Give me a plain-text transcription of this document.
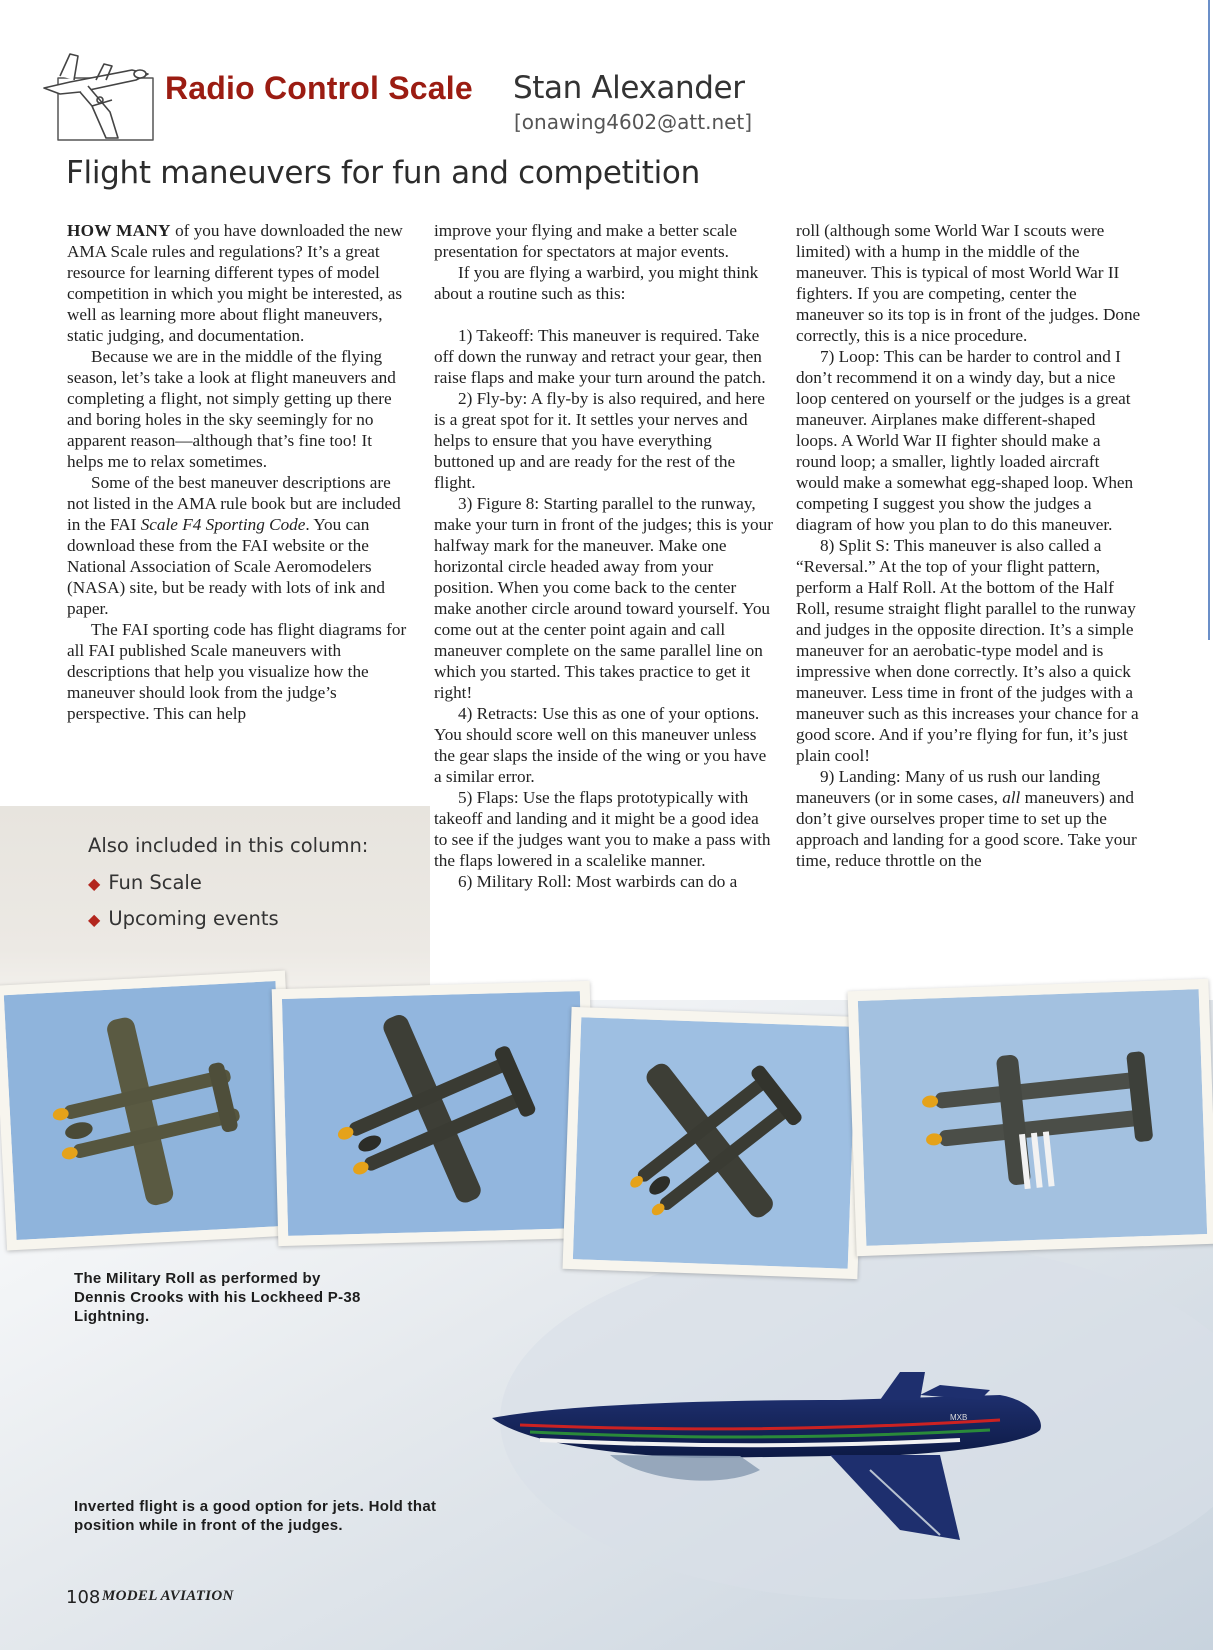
Radio Control Scale Stan Alexander
[onawing4602@att.net]
Flight maneuvers for fun and competition

HOW MANY of you have downloaded the new AMA Scale rules and regulations? It’s a great resource for learning different types of model competition in which you might be interested, as well as learning more about flight maneuvers, static judging, and documentation.

Because we are in the middle of the flying season, let’s take a look at flight maneuvers and completing a flight, not simply getting up there and boring holes in the sky seemingly for no apparent reason—although that’s fine too! It helps me to relax sometimes.

Some of the best maneuver descriptions are not listed in the AMA rule book but are included in the FAI Scale F4 Sporting Code. You can download these from the FAI website or the National Association of Scale Aeromodelers (NASA) site, but be ready with lots of ink and paper.

The FAI sporting code has flight diagrams for all FAI published Scale maneuvers with descriptions that help you visualize how the maneuver should look from the judge’s perspective. This can help

improve your flying and make a better scale presentation for spectators at major events.

If you are flying a warbird, you might think about a routine such as this:

1) Takeoff: This maneuver is required. Take off down the runway and retract your gear, then raise flaps and make your turn around the patch.

2) Fly-by: A fly-by is also required, and here is a great spot for it. It settles your nerves and helps to ensure that you have everything buttoned up and are ready for the rest of the flight.

3) Figure 8: Starting parallel to the runway, make your turn in front of the judges; this is your halfway mark for the maneuver. Make one horizontal circle headed away from your position. When you come back to the center make another circle around toward yourself. You come out at the center point again and call maneuver complete on the same parallel line on which you started. This takes practice to get it right!

4) Retracts: Use this as one of your options. You should score well on this maneuver unless the gear slaps the inside of the wing or you have a similar error.

5) Flaps: Use the flaps prototypically with takeoff and landing and it might be a good idea to see if the judges want you to make a pass with the flaps lowered in a scalelike manner.

6) Military Roll: Most warbirds can do a

roll (although some World War I scouts were limited) with a hump in the middle of the maneuver. This is typical of most World War II fighters. If you are competing, center the maneuver so its top is in front of the judges. Done correctly, this is a nice procedure.

7) Loop: This can be harder to control and I don’t recommend it on a windy day, but a nice loop centered on yourself or the judges is a great maneuver. Airplanes make different-shaped loops. A World War II fighter should make a round loop; a smaller, lightly loaded aircraft would make a somewhat egg-shaped loop. When competing I suggest you show the judges a diagram of how you plan to do this maneuver.

8) Split S: This maneuver is also called a “Reversal.” At the top of your flight pattern, perform a Half Roll. At the bottom of the Half Roll, resume straight flight parallel to the runway and judges in the opposite direction. It’s a simple maneuver for an aerobatic-type model and is impressive when done correctly. It’s also a quick maneuver. Less time in front of the judges with a maneuver such as this increases your chance for a good score. And if you’re flying for fun, it’s just plain cool!

9) Landing: Many of us rush our landing maneuvers (or in some cases, all maneuvers) and don’t give ourselves proper time to set up the approach and landing for a good score. Take your time, reduce throttle on the

Also included in this column:
◆ Fun Scale
◆ Upcoming events
MXB
The Military Roll as performed by Dennis Crooks with his Lockheed P-38 Lightning.
Inverted flight is a good option for jets. Hold that position while in front of the judges.
108 MODEL AVIATION
